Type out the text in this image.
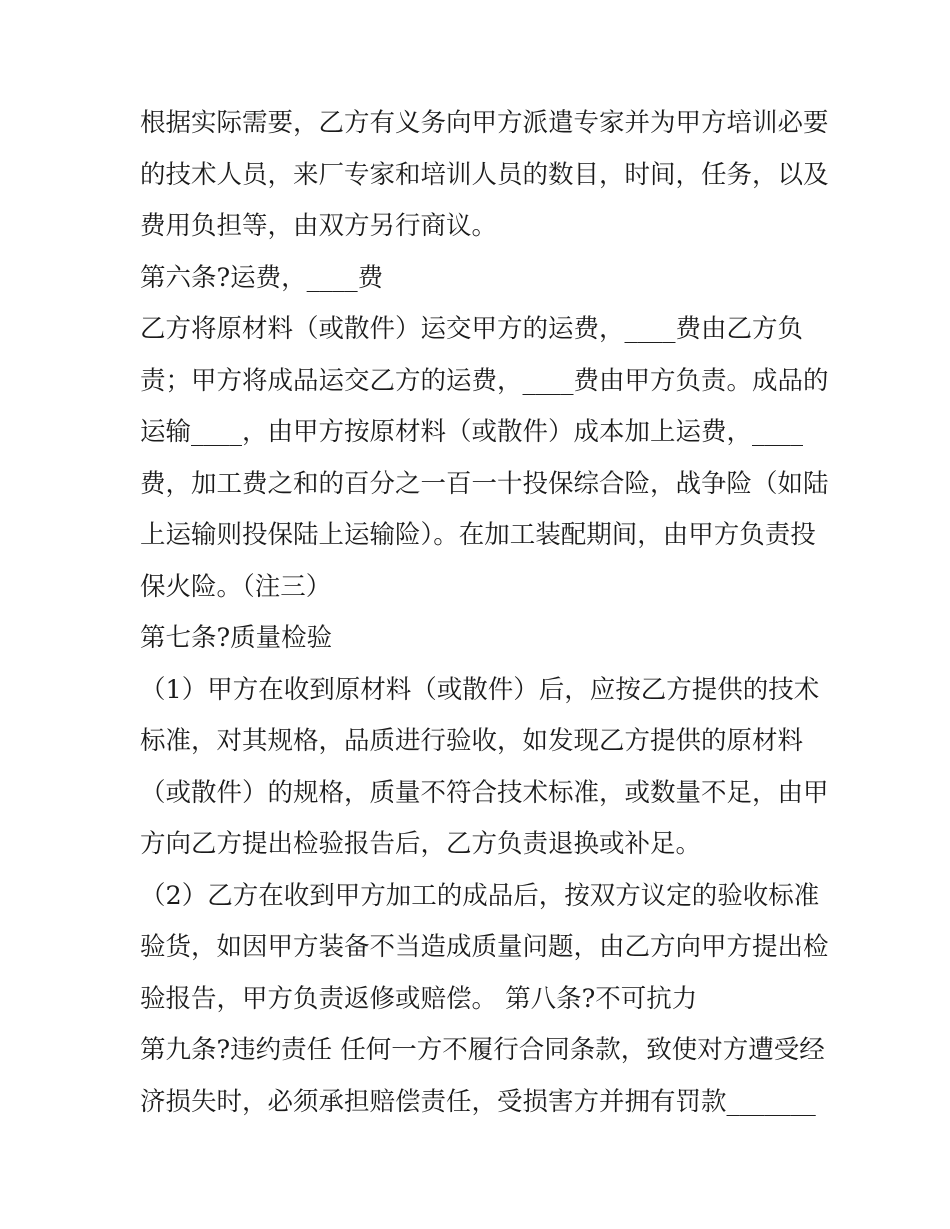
根据实际需要，乙方有义务向甲方派遣专家并为甲方培训必要
的技术人员，来厂专家和培训人员的数目，时间，任务，以及
费用负担等，由双方另行商议。
第六条?运费，____费
乙方将原材料（或散件）运交甲方的运费，____费由乙方负
责；甲方将成品运交乙方的运费，____费由甲方负责。成品的
运输____，由甲方按原材料（或散件）成本加上运费，____
费，加工费之和的百分之一百一十投保综合险，战争险（如陆
上运输则投保陆上运输险）。在加工装配期间，由甲方负责投
保火险。（注三）
第七条?质量检验
（1）甲方在收到原材料（或散件）后，应按乙方提供的技术
标准，对其规格，品质进行验收，如发现乙方提供的原材料
（或散件）的规格，质量不符合技术标准，或数量不足，由甲
方向乙方提出检验报告后，乙方负责退换或补足。
（2）乙方在收到甲方加工的成品后，按双方议定的验收标准
验货，如因甲方装备不当造成质量问题，由乙方向甲方提出检
验报告，甲方负责返修或赔偿。 第八条?不可抗力
第九条?违约责任 任何一方不履行合同条款，致使对方遭受经
济损失时，必须承担赔偿责任，受损害方并拥有罚款_______
